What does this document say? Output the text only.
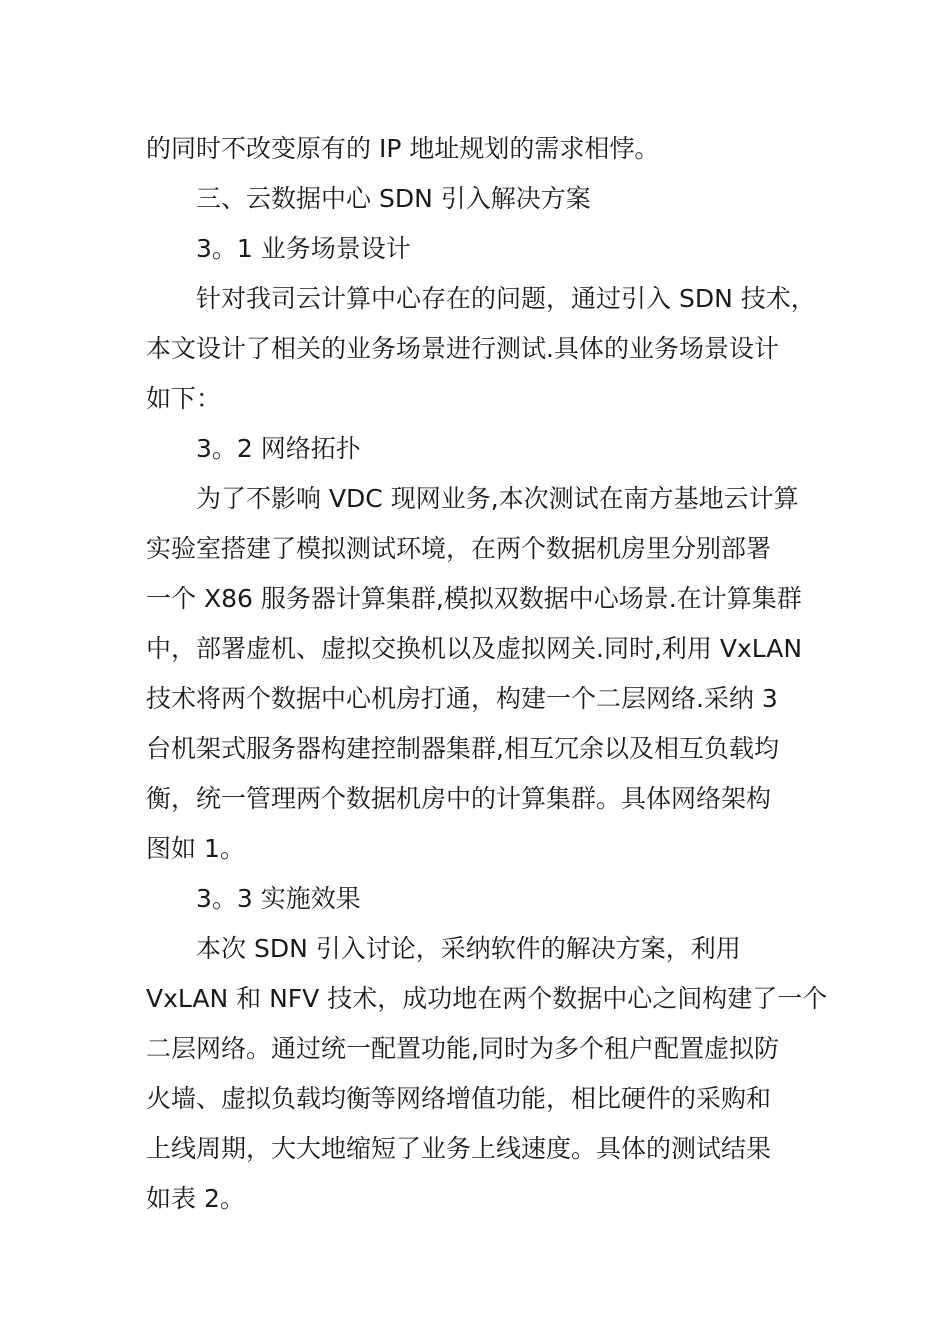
的同时不改变原有的 IP 地址规划的需求相悖。

三、云数据中心 SDN 引入解决方案

3。1 业务场景设计

针对我司云计算中心存在的问题，通过引入 SDN 技术，
本文设计了相关的业务场景进行测试.具体的业务场景设计
如下：

3。2 网络拓扑

为了不影响 VDC 现网业务,本次测试在南方基地云计算
实验室搭建了模拟测试环境，在两个数据机房里分别部署
一个 X86 服务器计算集群,模拟双数据中心场景.在计算集群
中，部署虚机、虚拟交换机以及虚拟网关.同时,利用 VxLAN
技术将两个数据中心机房打通，构建一个二层网络.采纳 3
台机架式服务器构建控制器集群,相互冗余以及相互负载均
衡，统一管理两个数据机房中的计算集群。具体网络架构
图如 1。

3。3 实施效果

本次 SDN 引入讨论，采纳软件的解决方案，利用
VxLAN 和 NFV 技术，成功地在两个数据中心之间构建了一个
二层网络。通过统一配置功能,同时为多个租户配置虚拟防
火墙、虚拟负载均衡等网络增值功能，相比硬件的采购和
上线周期，大大地缩短了业务上线速度。具体的测试结果
如表 2。
